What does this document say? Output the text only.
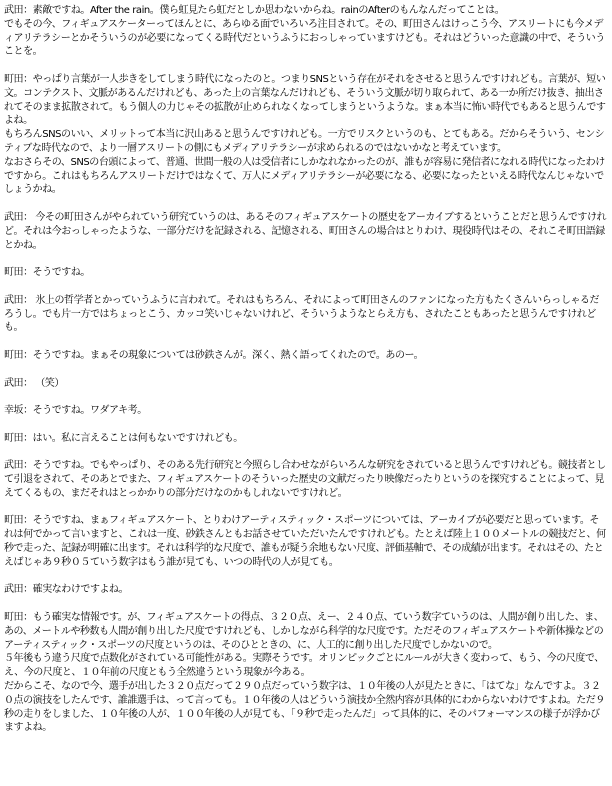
武田：素敵ですね。After the rain。僕ら虹見たら虹だとしか思わないからね。rainのAfterのもんなんだってことは。

でもその今、フィギュアスケーターってほんとに、あらゆる面でいろいろ注目されて。その、町田さんはけっこう今、アスリートにも今メディアリテラシーとかそういうのが必要になってくる時代だというふうにおっしゃっていますけども。それはどういった意識の中で、そういうことを。

町田：やっぱり言葉が一人歩きをしてしまう時代になったのと。つまりSNSという存在がそれをさせると思うんですけれども。言葉が、短い文。コンテクスト、文脈があるんだけれども、あった上の言葉なんだけれども、そういう文脈が切り取られて、ある一か所だけ抜き、抽出されてそのまま拡散されて。もう個人の力じゃその拡散が止められなくなってしまうというような。まぁ本当に怖い時代でもあると思うんですよね。

もちろんSNSのいい、メリットって本当に沢山あると思うんですけれども。一方でリスクというのも、とてもある。だからそういう、センシティブな時代なので、より一層アスリートの側にもメディアリテラシーが求められるのではないかなと考えています。

なおさらその、SNSの台頭によって、普通、世間一般の人は受信者にしかなれなかったのが、誰もが容易に発信者になれる時代になったわけですから。これはもちろんアスリートだけではなくて、万人にメディアリテラシーが必要になる、必要になったといえる時代なんじゃないでしょうかね。

武田： 今その町田さんがやられていう研究ていうのは、あるそのフィギュアスケートの歴史をアーカイブするということだと思うんですけれど。それは今おっしゃったような、一部分だけを記録される、記憶される、町田さんの場合はとりわけ、現役時代はその、それこそ町田語録とかね。

町田：そうですね。

武田： 氷上の哲学者とかっていうふうに言われて。それはもちろん、それによって町田さんのファンになった方もたくさんいらっしゃるだろうし。でも片一方ではちょっとこう、カッコ笑いじゃないけれど、そういうようなとらえ方も、されたこともあったと思うんですけれども。

町田：そうですね。まぁその現象については砂鉄さんが。深く、熱く語ってくれたので。あのー。

武田： （笑）

幸坂：そうですね。ワダアキ考。

町田：はい。私に言えることは何もないですけれども。

武田：そうですね。でもやっぱり、そのある先行研究と今照らし合わせながらいろんな研究をされていると思うんですけれども。競技者として引退をされて、そのあとでまた、フィギュアスケートのそういった歴史の文献だったり映像だったりというのを探究することによって、見えてくるもの、まだそれはとっかかりの部分だけなのかもしれないですけれど。

町田：そうですね、まぁフィギュアスケート、とりわけアーティスティック・スポーツについては、アーカイブが必要だと思っています。それは何でかって言いますと、これは一度、砂鉄さんともお話させていただいたんですけれども。たとえば陸上１００メートルの競技だと、何秒で走った、記録が明確に出ます。それは科学的な尺度で、誰もが疑う余地もない尺度、評価基軸で、その成績が出ます。それはその、たとえばじゃあ９秒０５ていう数字はもう誰が見ても、いつの時代の人が見ても。

武田：確実なわけですよね。

町田：もう確実な情報です。が、フィギュアスケートの得点、３２０点、えー、２４０点、ていう数字ていうのは、人間が創り出した、ま、あの、メートルや秒数も人間が創り出した尺度ですけれども、しかしながら科学的な尺度です。ただそのフィギュアスケートや新体操などのアーティスティック・スポーツの尺度というのは、そのひとときの、に、人工的に創り出した尺度でしかないので。

５年後もう違う尺度で点数化がされている可能性がある。実際そうです。オリンピックごとにルールが大きく変わって、もう、今の尺度で、え、今の尺度と、１０年前の尺度ともう全然違うという現象が今ある。

だからこそ、なので今、選手が出した３２０点だって２９０点だっていう数字は、１０年後の人が見たときに、「はてな」なんですよ。３２０点の演技をしたんです、誰誰選手は、って言っても。１０年後の人はどういう演技か全然内容が具体的にわからないわけですよね。ただ９秒の走りをしました、１０年後の人が、１００年後の人が見ても、「９秒で走ったんだ」って具体的に、そのパフォーマンスの様子が浮かびますよね。
